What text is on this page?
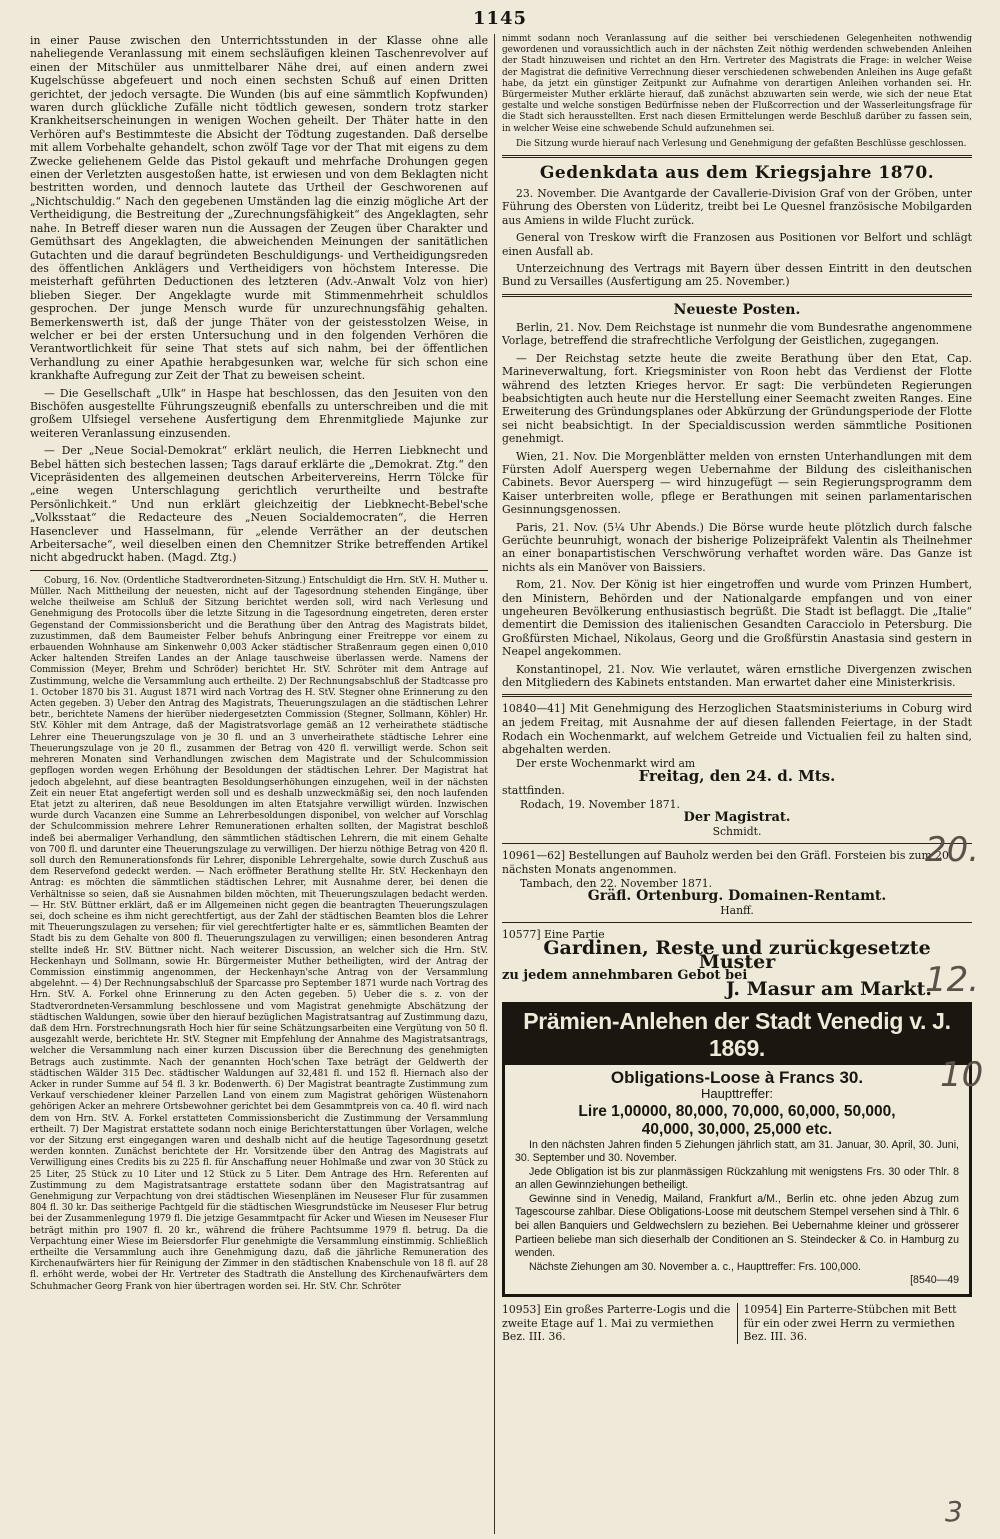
1145

in einer Pause zwischen den Unterrichtsstunden in der Klasse ohne alle naheliegende Veranlassung mit einem sechsläufigen kleinen Taschenrevolver auf einen der Mitschüler aus unmittelbarer Nähe drei, auf einen andern zwei Kugelschüsse abgefeuert und noch einen sechsten Schuß auf einen Dritten gerichtet, der jedoch versagte. Die Wunden (bis auf eine sämmtlich Kopfwunden) waren durch glückliche Zufälle nicht tödtlich gewesen, sondern trotz starker Krankheitserscheinungen in wenigen Wochen geheilt. Der Thäter hatte in den Verhören auf's Bestimmteste die Absicht der Tödtung zugestanden. Daß derselbe mit allem Vorbehalte gehandelt, schon zwölf Tage vor der That mit eigens zu dem Zwecke geliehenem Gelde das Pistol gekauft und mehrfache Drohungen gegen einen der Verletzten ausgestoßen hatte, ist erwiesen und von dem Beklagten nicht bestritten worden, und dennoch lautete das Urtheil der Geschworenen auf „Nichtschuldig.“ Nach den gegebenen Umständen lag die einzig mögliche Art der Vertheidigung, die Bestreitung der „Zurechnungsfähigkeit“ des Angeklagten, sehr nahe. In Betreff dieser waren nun die Aussagen der Zeugen über Charakter und Gemüthsart des Angeklagten, die abweichenden Meinungen der sanitätlichen Gutachten und die darauf begründeten Beschuldigungs- und Vertheidigungsreden des öffentlichen Anklägers und Vertheidigers von höchstem Interesse. Die meisterhaft geführten Deductionen des letzteren (Adv.-Anwalt Volz von hier) blieben Sieger. Der Angeklagte wurde mit Stimmenmehrheit schuldlos gesprochen. Der junge Mensch wurde für unzurechnungsfähig gehalten. Bemerkenswerth ist, daß der junge Thäter von der geistesstolzen Weise, in welcher er bei der ersten Untersuchung und in den folgenden Verhören die Verantwortlichkeit für seine That stets auf sich nahm, bei der öffentlichen Verhandlung zu einer Apathie herabgesunken war, welche für sich schon eine krankhafte Aufregung zur Zeit der That zu beweisen scheint.

— Die Gesellschaft „Ulk“ in Haspe hat beschlossen, das den Jesuiten von den Bischöfen ausgestellte Führungszeugniß ebenfalls zu unterschreiben und die mit großem Ulfsiegel versehene Ausfertigung dem Ehrenmitgliede Majunke zur weiteren Veranlassung einzusenden.

— Der „Neue Social-Demokrat“ erklärt neulich, die Herren Liebknecht und Bebel hätten sich bestechen lassen; Tags darauf erklärte die „Demokrat. Ztg.“ den Vicepräsidenten des allgemeinen deutschen Arbeitervereins, Herrn Tölcke für „eine wegen Unterschlagung gerichtlich verurtheilte und bestrafte Persönlichkeit.“ Und nun erklärt gleichzeitig der Liebknecht-Bebel'sche „Volksstaat“ die Redacteure des „Neuen Socialdemocraten“, die Herren Hasenclever und Hasselmann, für „elende Verräther an der deutschen Arbeitersache“, weil dieselben einen den Chemnitzer Strike betreffenden Artikel nicht abgedruckt haben. (Magd. Ztg.)

Coburg, 16. Nov. (Ordentliche Stadtverordneten-Sitzung.) Entschuldigt die Hrn. StV. H. Muther u. Müller. Nach Mittheilung der neuesten, nicht auf der Tagesordnung stehenden Eingänge, über welche theilweise am Schluß der Sitzung berichtet werden soll, wird nach Verlesung und Genehmigung des Protocolls über die letzte Sitzung in die Tagesordnung eingetreten, deren erster Gegenstand der Commissionsbericht und die Berathung über den Antrag des Magistrats bildet, zuzustimmen, daß dem Baumeister Felber behufs Anbringung einer Freitreppe vor einem zu erbauenden Wohnhause am Sinkenwehr 0,003 Acker städtischer Straßenraum gegen einen 0,010 Acker haltenden Streifen Landes an der Anlage tauschweise überlassen werde. Namens der Commission (Meyer, Brehm und Schröder) berichtet Hr. StV. Schröter mit dem Antrage auf Zustimmung, welche die Versammlung auch ertheilte. 2) Der Rechnungsabschluß der Stadtcasse pro 1. October 1870 bis 31. August 1871 wird nach Vortrag des H. StV. Stegner ohne Erinnerung zu den Acten gegeben. 3) Ueber den Antrag des Magistrats, Theuerungszulagen an die städtischen Lehrer betr., berichtete Namens der hierüber niedergesetzten Commission (Stegner, Sollmann, Köhler) Hr. StV. Köhler mit dem Antrage, daß der Magistratsvorlage gemäß an 12 verheirathete städtische Lehrer eine Theuerungszulage von je 30 fl. und an 3 unverheirathete städtische Lehrer eine Theuerungszulage von je 20 fl., zusammen der Betrag von 420 fl. verwilligt werde. Schon seit mehreren Monaten sind Verhandlungen zwischen dem Magistrate und der Schulcommission gepflogen worden wegen Erhöhung der Besoldungen der städtischen Lehrer. Der Magistrat hat jedoch abgelehnt, auf diese beantragten Besoldungserhöhungen einzugehen, weil in der nächsten Zeit ein neuer Etat angefertigt werden soll und es deshalb unzweckmäßig sei, den noch laufenden Etat jetzt zu alteriren, daß neue Besoldungen im alten Etatsjahre verwilligt würden. Inzwischen wurde durch Vacanzen eine Summe an Lehrerbesoldungen disponibel, von welcher auf Vorschlag der Schulcommission mehrere Lehrer Remunerationen erhalten sollten, der Magistrat beschloß indeß bei abermaliger Verhandlung, den sämmtlichen städtischen Lehrern, die mit einem Gehalte von 700 fl. und darunter eine Theuerungszulage zu verwilligen. Der hierzu nöthige Betrag von 420 fl. soll durch den Remunerationsfonds für Lehrer, disponible Lehrergehalte, sowie durch Zuschuß aus dem Reservefond gedeckt werden. — Nach eröffneter Berathung stellte Hr. StV. Heckenhayn den Antrag: es möchten die sämmtlichen städtischen Lehrer, mit Ausnahme derer, bei denen die Verhältnisse so seien, daß sie Ausnahmen bilden möchten, mit Theuerungszulagen bedacht werden. — Hr. StV. Büttner erklärt, daß er im Allgemeinen nicht gegen die beantragten Theuerungszulagen sei, doch scheine es ihm nicht gerechtfertigt, aus der Zahl der städtischen Beamten blos die Lehrer mit Theuerungszulagen zu versehen; für viel gerechtfertigter halte er es, sämmtlichen Beamten der Stadt bis zu dem Gehalte von 800 fl. Theuerungszulagen zu verwilligen; einen besonderen Antrag stellte indeß Hr. StV. Büttner nicht. Nach weiterer Discussion, an welcher sich die Hrn. StV. Heckenhayn und Sollmann, sowie Hr. Bürgermeister Muther betheiligten, wird der Antrag der Commission einstimmig angenommen, der Heckenhayn'sche Antrag von der Versammlung abgelehnt. — 4) Der Rechnungsabschluß der Sparcasse pro September 1871 wurde nach Vortrag des Hrn. StV. A. Forkel ohne Erinnerung zu den Acten gegeben. 5) Ueber die s. z. von der Stadtverordneten-Versammlung beschlossene und vom Magistrat genehmigte Abschätzung der städtischen Waldungen, sowie über den hierauf bezüglichen Magistratsantrag auf Zustimmung dazu, daß dem Hrn. Forstrechnungsrath Hoch hier für seine Schätzungsarbeiten eine Vergütung von 50 fl. ausgezahlt werde, berichtete Hr. StV. Stegner mit Empfehlung der Annahme des Magistratsantrags, welcher die Versammlung nach einer kurzen Discussion über die Berechnung des genehmigten Betrags auch zustimmte. Nach der genannten Hoch'schen Taxe beträgt der Geldwerth der städtischen Wälder 315 Dec. städtischer Waldungen auf 32,481 fl. und 152 fl. Hiernach also der Acker in runder Summe auf 54 fl. 3 kr. Bodenwerth. 6) Der Magistrat beantragte Zustimmung zum Verkauf verschiedener kleiner Parzellen Land von einem zum Magistrat gehörigen Wüstenahorn gehörigen Acker an mehrere Ortsbewohner gerichtet bei dem Gesammtpreis von ca. 40 fl. wird nach dem von Hrn. StV. A. Forkel erstatteten Commissionsbericht die Zustimmung der Versammlung ertheilt. 7) Der Magistrat erstattete sodann noch einige Berichterstattungen über Vorlagen, welche vor der Sitzung erst eingegangen waren und deshalb nicht auf die heutige Tagesordnung gesetzt werden konnten. Zunächst berichtete der Hr. Vorsitzende über den Antrag des Magistrats auf Verwilligung eines Credits bis zu 225 fl. für Anschaffung neuer Hohlmaße und zwar von 30 Stück zu 25 Liter, 25 Stück zu 10 Liter und 12 Stück zu 5 Liter. Dem Antrage des Hrn. Referenten auf Zustimmung zu dem Magistratsantrage erstattete sodann über den Magistratsantrag auf Genehmigung zur Verpachtung von drei städtischen Wiesenplänen im Neuseser Flur für zusammen 804 fl. 30 kr. Das seitherige Pachtgeld für die städtischen Wiesgrundstücke im Neuseser Flur betrug bei der Zusammenlegung 1979 fl. Die jetzige Gesammtpacht für Acker und Wiesen im Neuseser Flur beträgt mithin pro 1907 fl. 20 kr., während die frühere Pachtsumme 1979 fl. betrug. Da die Verpachtung einer Wiese im Beiersdorfer Flur genehmigte die Versammlung einstimmig. Schließlich ertheilte die Versammlung auch ihre Genehmigung dazu, daß die jährliche Remuneration des Kirchenaufwärters hier für Reinigung der Zimmer in den städtischen Knabenschule von 18 fl. auf 28 fl. erhöht werde, wobei der Hr. Vertreter des Stadtrath die Anstellung des Kirchenaufwärters dem Schuhmacher Georg Frank von hier übertragen worden sei. Hr. StV. Chr. Schröter

nimmt sodann noch Veranlassung auf die seither bei verschiedenen Gelegenheiten nothwendig gewordenen und voraussichtlich auch in der nächsten Zeit nöthig werdenden schwebenden Anleihen der Stadt hinzuweisen und richtet an den Hrn. Vertreter des Magistrats die Frage: in welcher Weise der Magistrat die definitive Verrechnung dieser verschiedenen schwebenden Anleihen ins Auge gefaßt habe, da jetzt ein günstiger Zeitpunkt zur Aufnahme von derartigen Anleihen vorhanden sei. Hr. Bürgermeister Muther erklärte hierauf, daß zunächst abzuwarten sein werde, wie sich der neue Etat gestalte und welche sonstigen Bedürfnisse neben der Flußcorrection und der Wasserleitungsfrage für die Stadt sich herausstellten. Erst nach diesen Ermittelungen werde Beschluß darüber zu fassen sein, in welcher Weise eine schwebende Schuld aufzunehmen sei.

Die Sitzung wurde hierauf nach Verlesung und Genehmigung der gefaßten Beschlüsse geschlossen.

Gedenkdata aus dem Kriegsjahre 1870.

23. November. Die Avantgarde der Cavallerie-Division Graf von der Gröben, unter Führung des Obersten von Lüderitz, treibt bei Le Quesnel französische Mobilgarden aus Amiens in wilde Flucht zurück.

General von Treskow wirft die Franzosen aus Positionen vor Belfort und schlägt einen Ausfall ab.

Unterzeichnung des Vertrags mit Bayern über dessen Eintritt in den deutschen Bund zu Versailles (Ausfertigung am 25. November.)

Neueste Posten.

Berlin, 21. Nov. Dem Reichstage ist nunmehr die vom Bundesrathe angenommene Vorlage, betreffend die strafrechtliche Verfolgung der Geistlichen, zugegangen.

— Der Reichstag setzte heute die zweite Berathung über den Etat, Cap. Marineverwaltung, fort. Kriegsminister von Roon hebt das Verdienst der Flotte während des letzten Krieges hervor. Er sagt: Die verbündeten Regierungen beabsichtigten auch heute nur die Herstellung einer Seemacht zweiten Ranges. Eine Erweiterung des Gründungsplanes oder Abkürzung der Gründungsperiode der Flotte sei nicht beabsichtigt. In der Specialdiscussion werden sämmtliche Positionen genehmigt.

Wien, 21. Nov. Die Morgenblätter melden von ernsten Unterhandlungen mit dem Fürsten Adolf Auersperg wegen Uebernahme der Bildung des cisleithanischen Cabinets. Bevor Auersperg — wird hinzugefügt — sein Regierungsprogramm dem Kaiser unterbreiten wolle, pflege er Berathungen mit seinen parlamentarischen Gesinnungsgenossen.

Paris, 21. Nov. (5¼ Uhr Abends.) Die Börse wurde heute plötzlich durch falsche Gerüchte beunruhigt, wonach der bisherige Polizeipräfekt Valentin als Theilnehmer an einer bonapartistischen Verschwörung verhaftet worden wäre. Das Ganze ist nichts als ein Manöver von Baissiers.

Rom, 21. Nov. Der König ist hier eingetroffen und wurde vom Prinzen Humbert, den Ministern, Behörden und der Nationalgarde empfangen und von einer ungeheuren Bevölkerung enthusiastisch begrüßt. Die Stadt ist beflaggt. Die „Italie“ dementirt die Demission des italienischen Gesandten Caracciolo in Petersburg. Die Großfürsten Michael, Nikolaus, Georg und die Großfürstin Anastasia sind gestern in Neapel angekommen.

Konstantinopel, 21. Nov. Wie verlautet, wären ernstliche Divergenzen zwischen den Mitgliedern des Kabinets entstanden. Man erwartet daher eine Ministerkrisis.

10840—41] Mit Genehmigung des Herzoglichen Staatsministeriums in Coburg wird an jedem Freitag, mit Ausnahme der auf diesen fallenden Feiertage, in der Stadt Rodach ein Wochenmarkt, auf welchem Getreide und Victualien feil zu halten sind, abgehalten werden.
Der erste Wochenmarkt wird am
Freitag, den 24. d. Mts.
stattfinden.
Rodach, 19. November 1871.
Der Magistrat.
Schmidt.
10961—62] Bestellungen auf Bauholz werden bei den Gräfl. Forsteien bis zum 20. nächsten Monats angenommen.
Tambach, den 22. November 1871.
Gräfl. Ortenburg. Domainen-Rentamt.
Hanff.
10577] Eine Partie
Gardinen, Reste und zurückgesetzte Muster
zu jedem annehmbaren Gebot bei
J. Masur am Markt.
Prämien-Anlehen der Stadt Venedig v. J. 1869.
Obligations-Loose à Francs 30.
Haupttreffer:
Lire 1,00000, 80,000, 70,000, 60,000, 50,000,
40,000, 30,000, 25,000 etc.
In den nächsten Jahren finden 5 Ziehungen jährlich statt, am 31. Januar, 30. April, 30. Juni, 30. September und 30. November.
Jede Obligation ist bis zur planmässigen Rückzahlung mit wenigstens Frs. 30 oder Thlr. 8 an allen Gewinnziehungen betheiligt.
Gewinne sind in Venedig, Mailand, Frankfurt a/M., Berlin etc. ohne jeden Abzug zum Tagescourse zahlbar. Diese Obligations-Loose mit deutschem Stempel versehen sind à Thlr. 6 bei allen Banquiers und Geldwechslern zu beziehen. Bei Uebernahme kleiner und grösserer Partieen beliebe man sich dieserhalb der Conditionen an S. Steindecker & Co. in Hamburg zu wenden.
Nächste Ziehungen am 30. November a. c., Haupttreffer: Frs. 100,000.
[8540—49
10953] Ein großes Parterre-Logis und die zweite Etage auf 1. Mai zu vermiethen Bez. III. 36.
10954] Ein Parterre-Stübchen mit Bett für ein oder zwei Herrn zu vermiethen Bez. III. 36.
20.
12.
10
3
